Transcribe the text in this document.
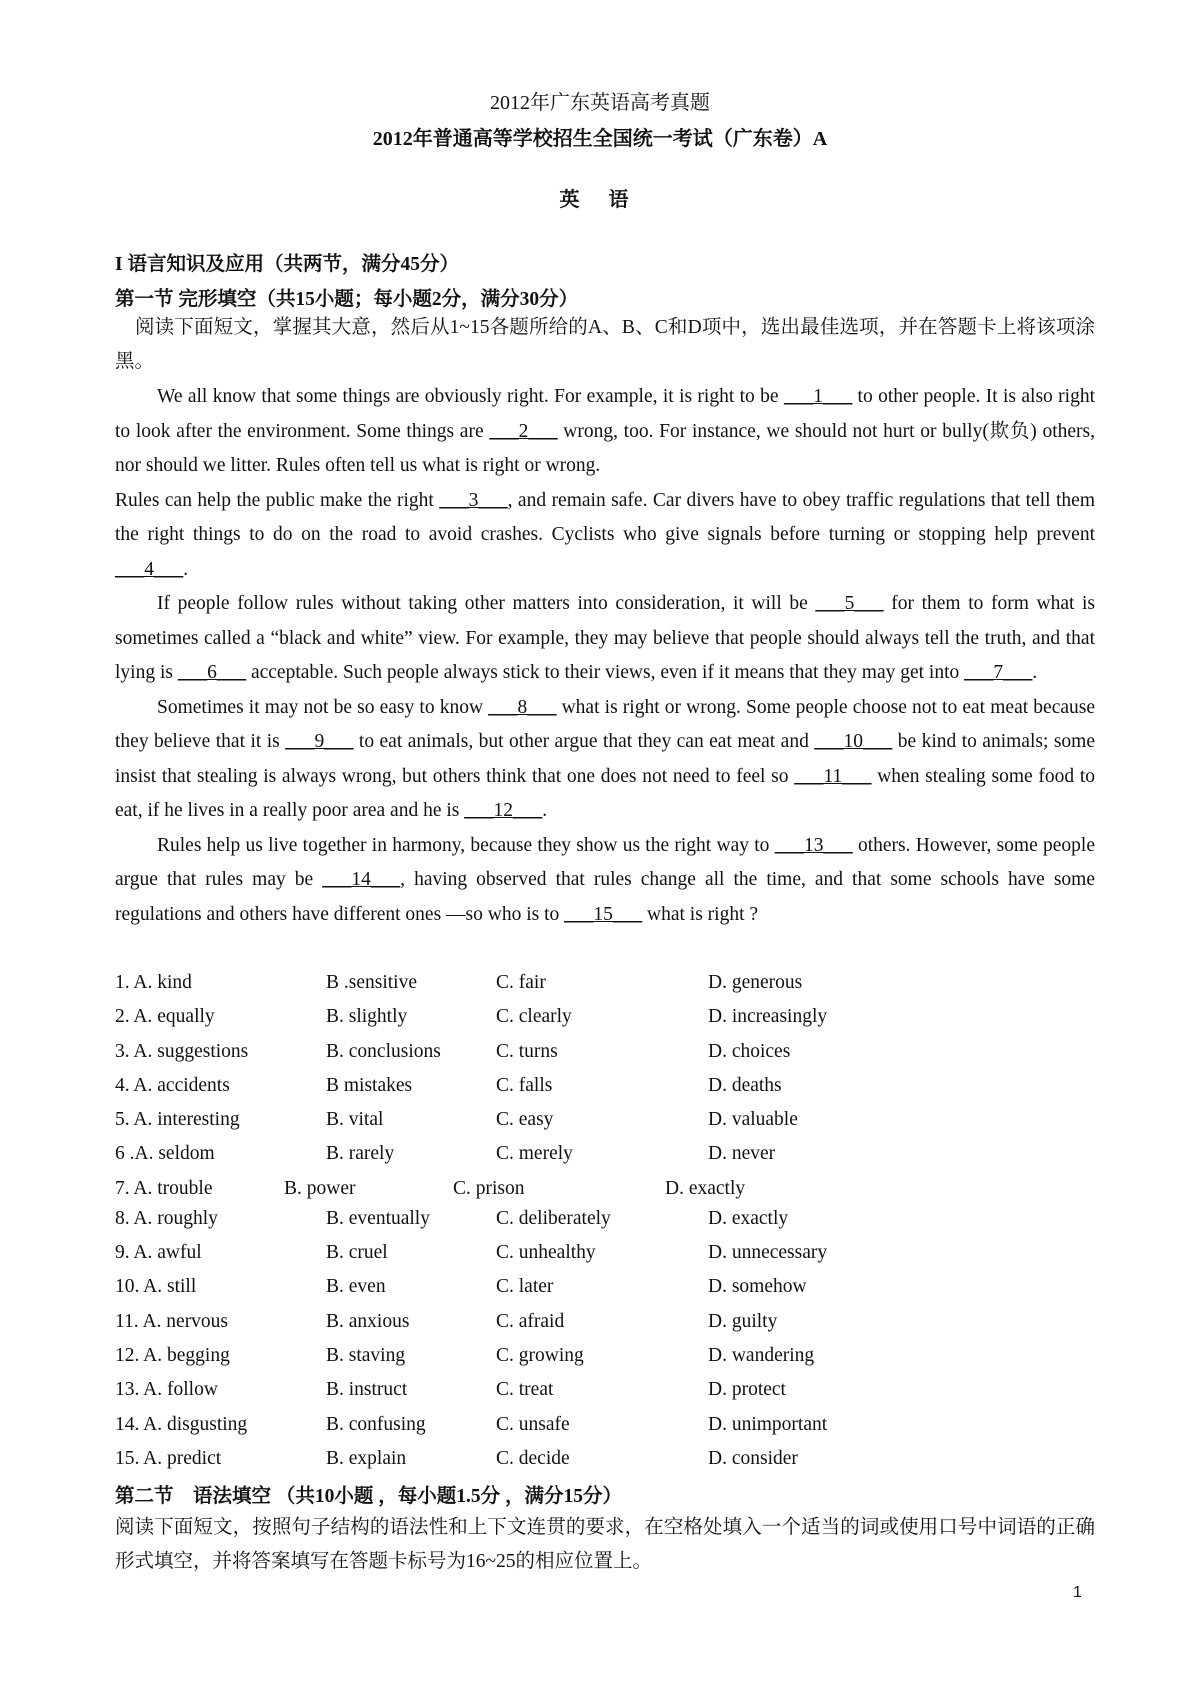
2012年广东英语高考真题
2012年普通高等学校招生全国统一考试（广东卷）A
英 语
I 语言知识及应用（共两节，满分45分）
第一节 完形填空（共15小题；每小题2分，满分30分）
阅读下面短文，掌握其大意，然后从1~15各题所给的A、B、C和D项中，选出最佳选项，并在答题卡上将该项涂黑。

We all know that some things are obviously right. For example, it is right to be ___1___ to other people. It is also right to look after the environment. Some things are ___2___ wrong, too. For instance, we should not hurt or bully(欺负) others, nor should we litter. Rules often tell us what is right or wrong.

Rules can help the public make the right ___3___, and remain safe. Car divers have to obey traffic regulations that tell them the right things to do on the road to avoid crashes. Cyclists who give signals before turning or stopping help prevent ___4___.

If people follow rules without taking other matters into consideration, it will be ___5___ for them to form what is sometimes called a “black and white” view. For example, they may believe that people should always tell the truth, and that lying is ___6___ acceptable. Such people always stick to their views, even if it means that they may get into ___7___.

Sometimes it may not be so easy to know ___8___ what is right or wrong. Some people choose not to eat meat because they believe that it is ___9___ to eat animals, but other argue that they can eat meat and ___10___ be kind to animals; some insist that stealing is always wrong, but others think that one does not need to feel so ___11___ when stealing some food to eat, if he lives in a really poor area and he is ___12___.

Rules help us live together in harmony, because they show us the right way to ___13___ others. However, some people argue that rules may be ___14___, having observed that rules change all the time, and that some schools have some regulations and others have different ones —so who is to ___15___ what is right ?

1. A. kind	B .sensitive	C. fair	D. generous
2. A. equally	B. slightly	C. clearly	D. increasingly
3. A. suggestions	B. conclusions	C. turns	D. choices
4. A. accidents	B mistakes	C. falls	D. deaths
5. A. interesting	B. vital	C. easy	D. valuable
6 .A. seldom	B. rarely	C. merely	D. never
7. A. trouble	B. power	C. prison	D. exactly
8. A. roughly	B. eventually	C. deliberately	D. exactly
9. A. awful	B. cruel	C. unhealthy	D. unnecessary
10. A. still	B. even	C. later	D. somehow
11. A. nervous	B. anxious	C. afraid	D. guilty
12. A. begging	B. staving	C. growing	D. wandering
13. A. follow	B. instruct	C. treat	D. protect
14. A. disgusting	B. confusing	C. unsafe	D. unimportant
15. A. predict	B. explain	C. decide	D. consider
第二节　语法填空 （共10小题 ，每小题1.5分 ，满分15分）
阅读下面短文，按照句子结构的语法性和上下文连贯的要求，在空格处填入一个适当的词或使用口号中词语的正确形式填空，并将答案填写在答题卡标号为16~25的相应位置上。
1
